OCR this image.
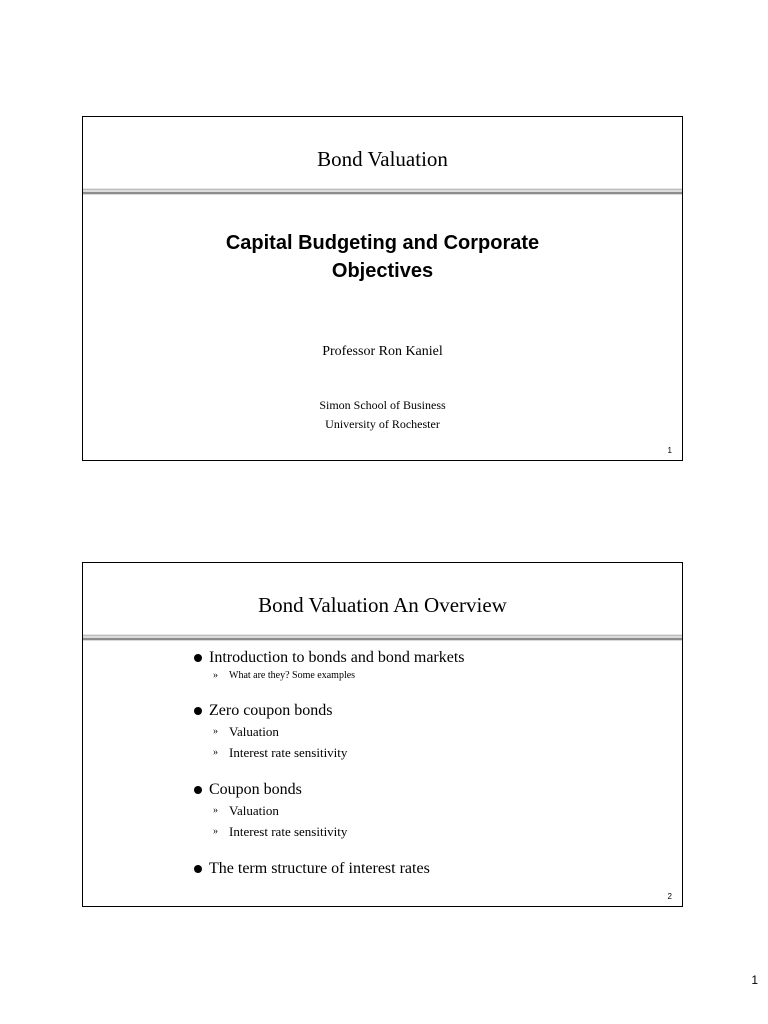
Bond Valuation
Capital Budgeting and Corporate
Objectives
Professor Ron Kaniel
Simon School of Business
University of Rochester
1
Bond Valuation An Overview
Introduction to bonds and bond markets
» What are they? Some examples
Zero coupon bonds
» Valuation
» Interest rate sensitivity
Coupon bonds
» Valuation
» Interest rate sensitivity
The term structure of interest rates
2
1
